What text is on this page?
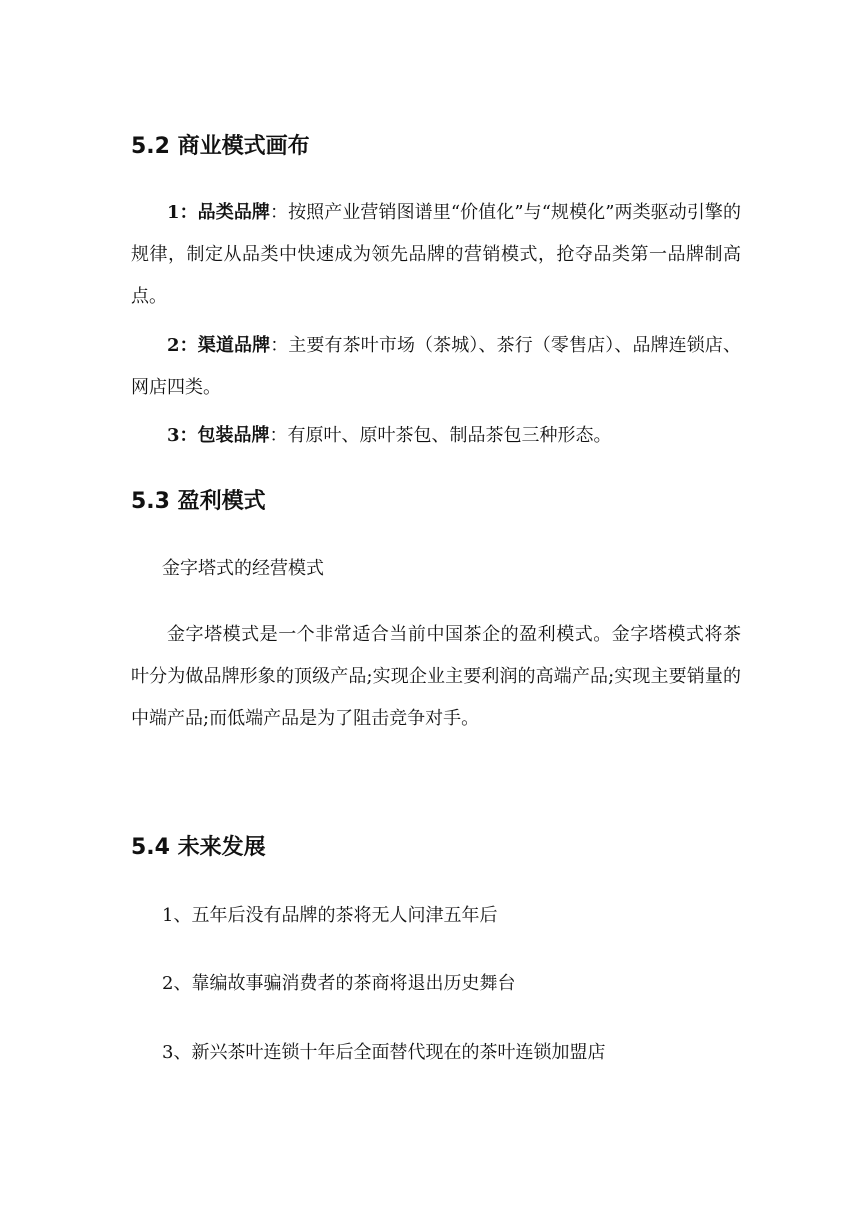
5.2 商业模式画布

1：品类品牌：按照产业营销图谱里“价值化”与“规模化”两类驱动引擎的规律，制定从品类中快速成为领先品牌的营销模式，抢夺品类第一品牌制高点。

2：渠道品牌：主要有茶叶市场（茶城）、茶行（零售店）、品牌连锁店、网店四类。

3：包装品牌：有原叶、原叶茶包、制品茶包三种形态。

5.3 盈利模式

金字塔式的经营模式

金字塔模式是一个非常适合当前中国茶企的盈利模式。金字塔模式将茶叶分为做品牌形象的顶级产品;实现企业主要利润的高端产品;实现主要销量的中端产品;而低端产品是为了阻击竞争对手。

5.4 未来发展

1、五年后没有品牌的茶将无人问津五年后

2、靠编故事骗消费者的茶商将退出历史舞台

3、新兴茶叶连锁十年后全面替代现在的茶叶连锁加盟店
